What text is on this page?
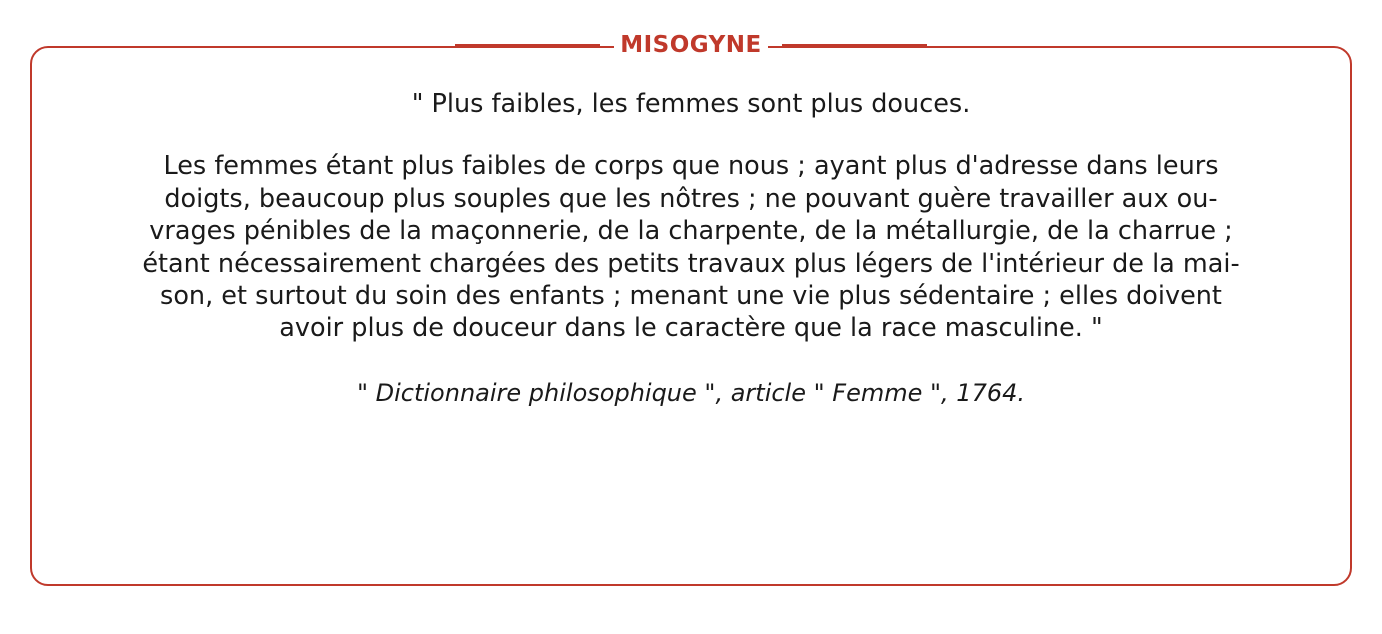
MISOGYNE

" Plus faibles, les femmes sont plus douces.

Les femmes étant plus faibles de corps que nous ; ayant plus d'adresse dans leurs

doigts, beaucoup plus souples que les nôtres ; ne pouvant guère travailler aux ou-

vrages pénibles de la maçonnerie, de la charpente, de la métallurgie, de la charrue ;

étant nécessairement chargées des petits travaux plus légers de l'intérieur de la mai-

son, et surtout du soin des enfants ; menant une vie plus sédentaire ; elles doivent

avoir plus de douceur dans le caractère que la race masculine. "

" Dictionnaire philosophique ", article " Femme ", 1764.
